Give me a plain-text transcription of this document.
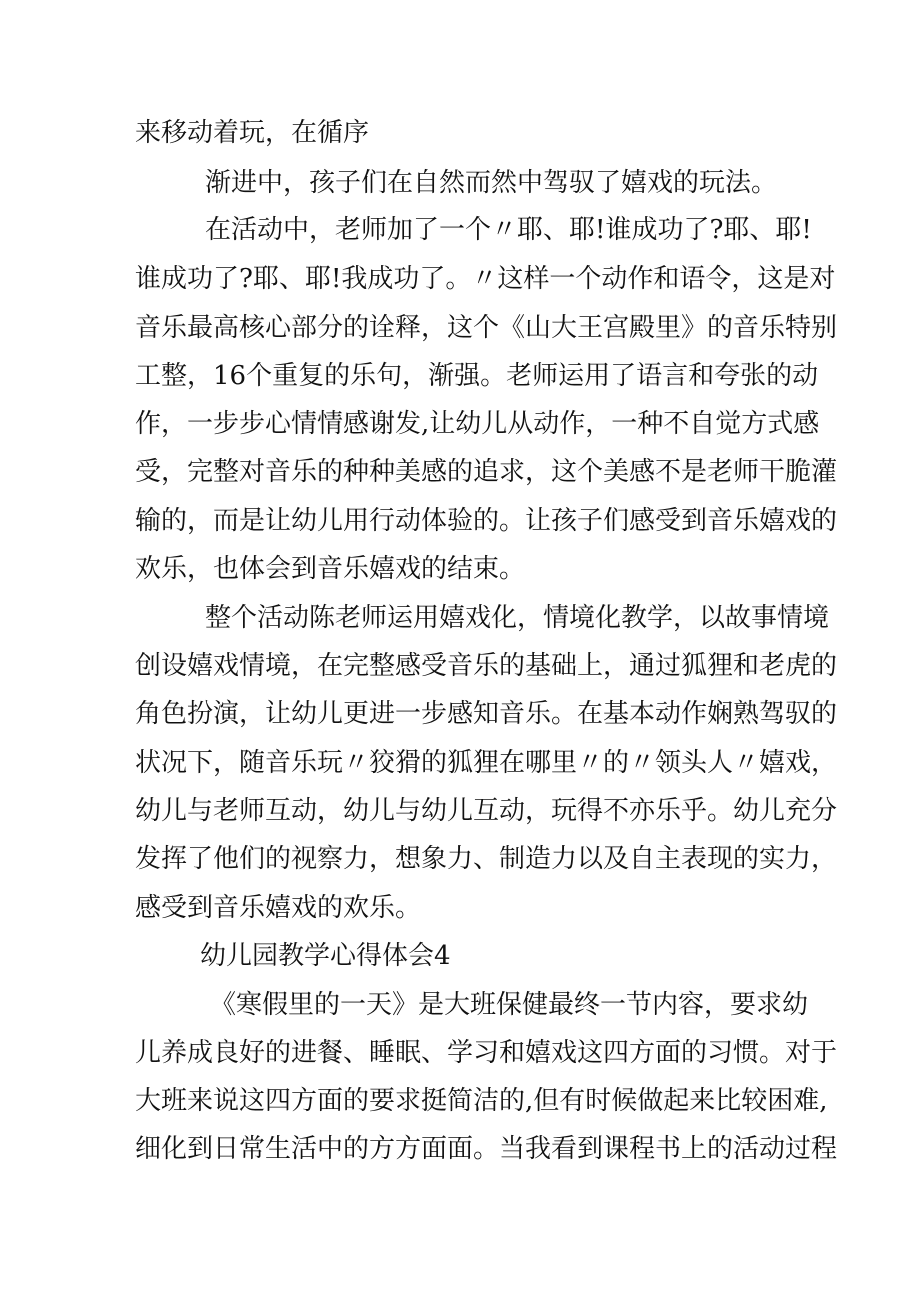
来移动着玩，在循序
渐进中，孩子们在自然而然中驾驭了嬉戏的玩法。
在活动中，老师加了一个〃耶、耶!谁成功了?耶、耶!
谁成功了?耶、耶!我成功了。〃这样一个动作和语令，这是对
音乐最高核心部分的诠释，这个《山大王宫殿里》的音乐特别
工整，16个重复的乐句，渐强。老师运用了语言和夸张的动
作，一步步心情情感谢发,让幼儿从动作，一种不自觉方式感
受，完整对音乐的种种美感的追求，这个美感不是老师干脆灌
输的，而是让幼儿用行动体验的。让孩子们感受到音乐嬉戏的
欢乐，也体会到音乐嬉戏的结束。
整个活动陈老师运用嬉戏化，情境化教学，以故事情境
创设嬉戏情境，在完整感受音乐的基础上，通过狐狸和老虎的
角色扮演，让幼儿更进一步感知音乐。在基本动作娴熟驾驭的
状况下，随音乐玩〃狡猾的狐狸在哪里〃的〃领头人〃嬉戏，
幼儿与老师互动，幼儿与幼儿互动，玩得不亦乐乎。幼儿充分
发挥了他们的视察力，想象力、制造力以及自主表现的实力，
感受到音乐嬉戏的欢乐。
幼儿园教学心得体会4
《寒假里的一天》是大班保健最终一节内容，要求幼
儿养成良好的进餐、睡眠、学习和嬉戏这四方面的习惯。对于
大班来说这四方面的要求挺简洁的,但有时候做起来比较困难,
细化到日常生活中的方方面面。当我看到课程书上的活动过程
